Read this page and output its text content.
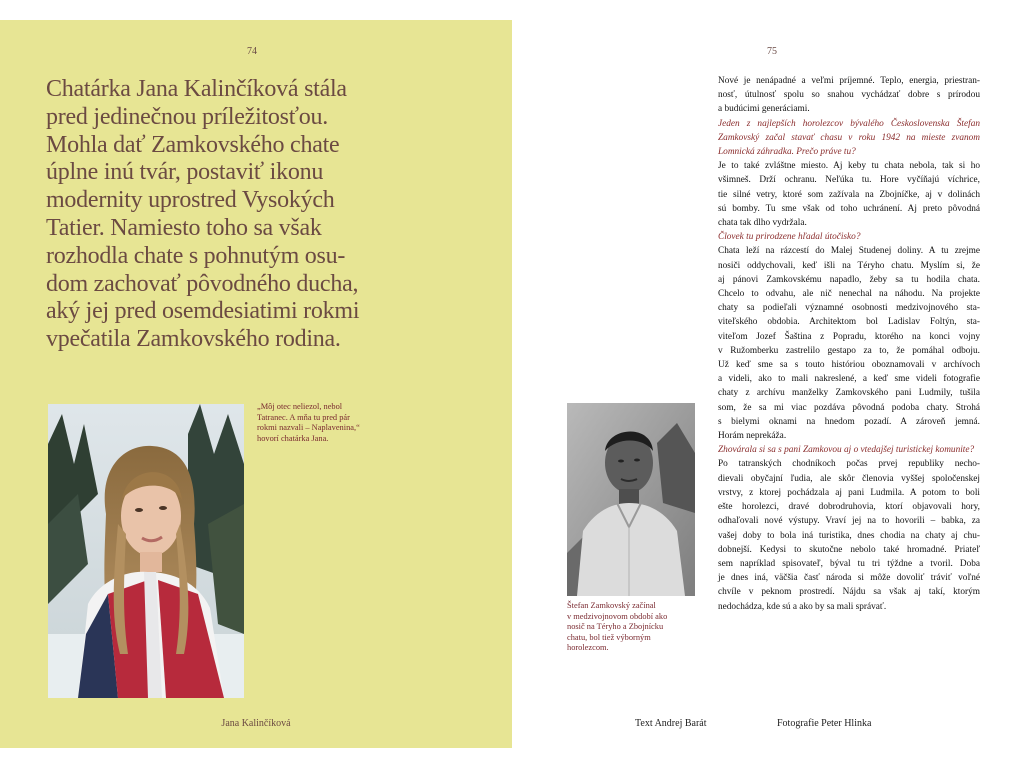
74
Chatárka Jana Kalinčíková stála
pred jedinečnou príležitosťou.
Mohla dať Zamkovského chate
úplne inú tvár, postaviť ikonu
modernity uprostred Vysokých
Tatier. Namiesto toho sa však
rozhodla chate s pohnutým osu-
dom zachovať pôvodného ducha,
aký jej pred osemdesiatimi rokmi
vpečatila Zamkovského rodina.
„Môj otec neliezol, nebol
Tatranec. A mňa tu pred pár
rokmi nazvali – Naplavenina,“
hovorí chatárka Jana.
Jana Kalinčíková
75
Nové je nenápadné a veľmi príjemné. Teplo, energia, priestran-
nosť, útulnosť spolu so snahou vychádzať dobre s prírodou
a budúcimi generáciami.
Jeden z najlepších horolezcov bývalého Československa Štefan
Zamkovský začal stavať chasu v roku 1942 na mieste zvanom
Lomnická záhradka. Prečo práve tu?
Je to také zvláštne miesto. Aj keby tu chata nebola, tak si ho
všimneš. Drží ochranu. Neľúka tu. Hore vyčíňajú víchrice,
tie silné vetry, ktoré som zažívala na Zbojníčke, aj v dolinách
sú bomby. Tu sme však od toho uchránení. Aj preto pôvodná
chata tak dlho vydržala.
Človek tu prirodzene hľadal útočisko?
Chata leží na rázcestí do Malej Studenej doliny. A tu zrejme
nosiči oddychovali, keď išli na Téryho chatu. Myslím si, že
aj pánovi Zamkovskému napadlo, žeby sa tu hodila chata.
Chcelo to odvahu, ale nič nenechal na náhodu. Na projekte
chaty sa podieľali významné osobnosti medzivojnového sta-
viteľského obdobia. Architektom bol Ladislav Foltýn, sta-
viteľom Jozef Šaština z Popradu, ktorého na konci vojny
v Ružomberku zastrelilo gestapo za to, že pomáhal odboju.
Už keď sme sa s touto históriou oboznamovali v archívoch
a videli, ako to mali nakreslené, a keď sme videli fotografie
chaty z archívu manželky Zamkovského pani Ludmily, tušila
som, že sa mi viac pozdáva pôvodná podoba chaty. Strohá
s bielymi oknami na hnedom pozadí. A zároveň jemná.
Horám neprekáža.
Zhovárala si sa s pani Zamkovou aj o vtedajšej turistickej komunite?
Po tatranských chodníkoch počas prvej republiky necho-
dievali obyčajní ľudia, ale skôr členovia vyššej spoločenskej
vrstvy, z ktorej pochádzala aj pani Ludmila. A potom to boli
ešte horolezci, dravé dobrodruhovia, ktorí objavovali hory,
odhaľovali nové výstupy. Vraví jej na to hovorili – babka, za
vašej doby to bola iná turistika, dnes chodia na chaty aj chu-
dobnejší. Kedysi to skutočne nebolo také hromadné. Priateľ
sem napríklad spisovateľ, býval tu tri týždne a tvoril. Doba
je dnes iná, väčšia časť národa si môže dovoliť tráviť voľné
chvíle v peknom prostredí. Nájdu sa však aj takí, ktorým
nedochádza, kde sú a ako by sa mali správať.
Štefan Zamkovský začínal
v medzivojnovom období ako
nosič na Téryho a Zbojnícku
chatu, bol tiež výborným
horolezcom.
Text Andrej Barát	Fotografie Peter Hlinka
